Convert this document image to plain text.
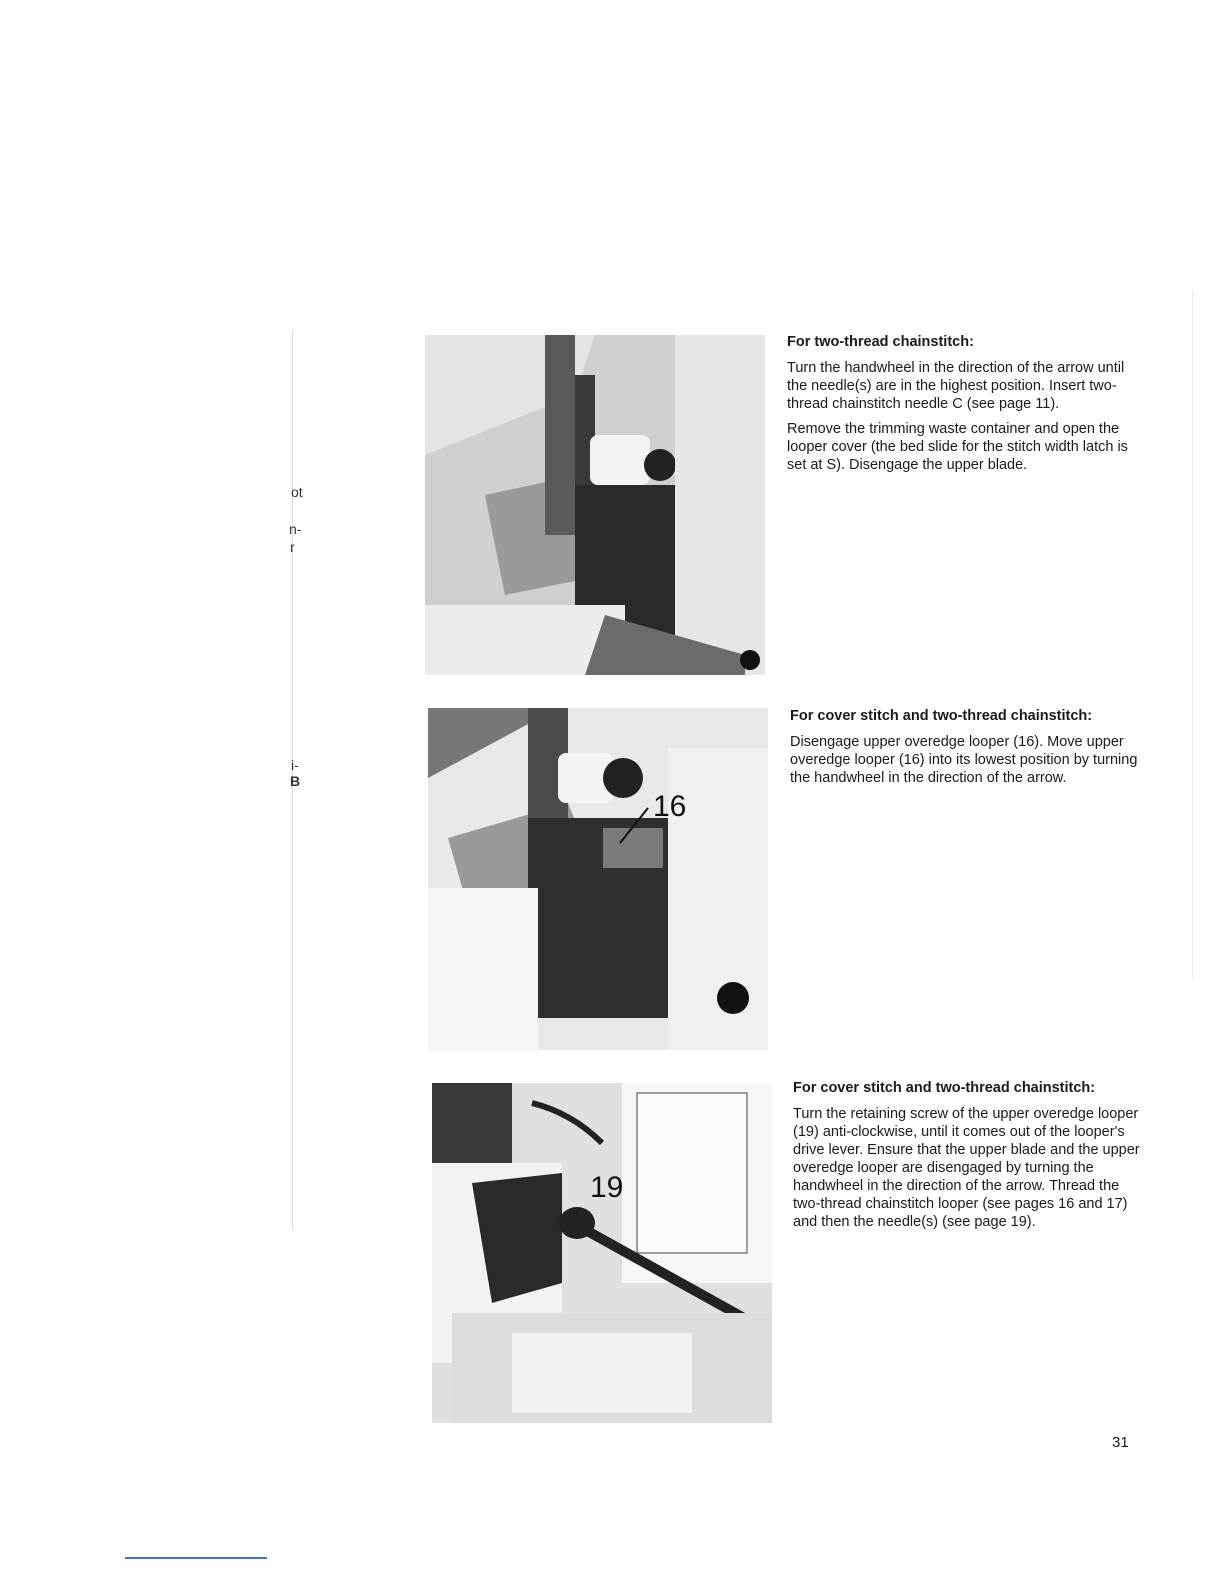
ot
n-
r
i-
B
16
19

For two-thread chainstitch:

Turn the handwheel in the direction of the arrow until the needle(s) are in the highest position. Insert two-thread chainstitch needle C (see page 11).

Remove the trimming waste container and open the looper cover (the bed slide for the stitch width latch is set at S). Disengage the upper blade.

For cover stitch and two-thread chainstitch:

Disengage upper overedge looper (16). Move upper overedge looper (16) into its lowest position by turning the handwheel in the direction of the arrow.

For cover stitch and two-thread chainstitch:

Turn the retaining screw of the upper overedge looper (19) anti-clockwise, until it comes out of the looper's drive lever. Ensure that the upper blade and the upper overedge looper are disengaged by turning the handwheel in the direction of the arrow. Thread the two-thread chainstitch looper (see pages 16 and 17) and then the needle(s) (see page 19).

31
